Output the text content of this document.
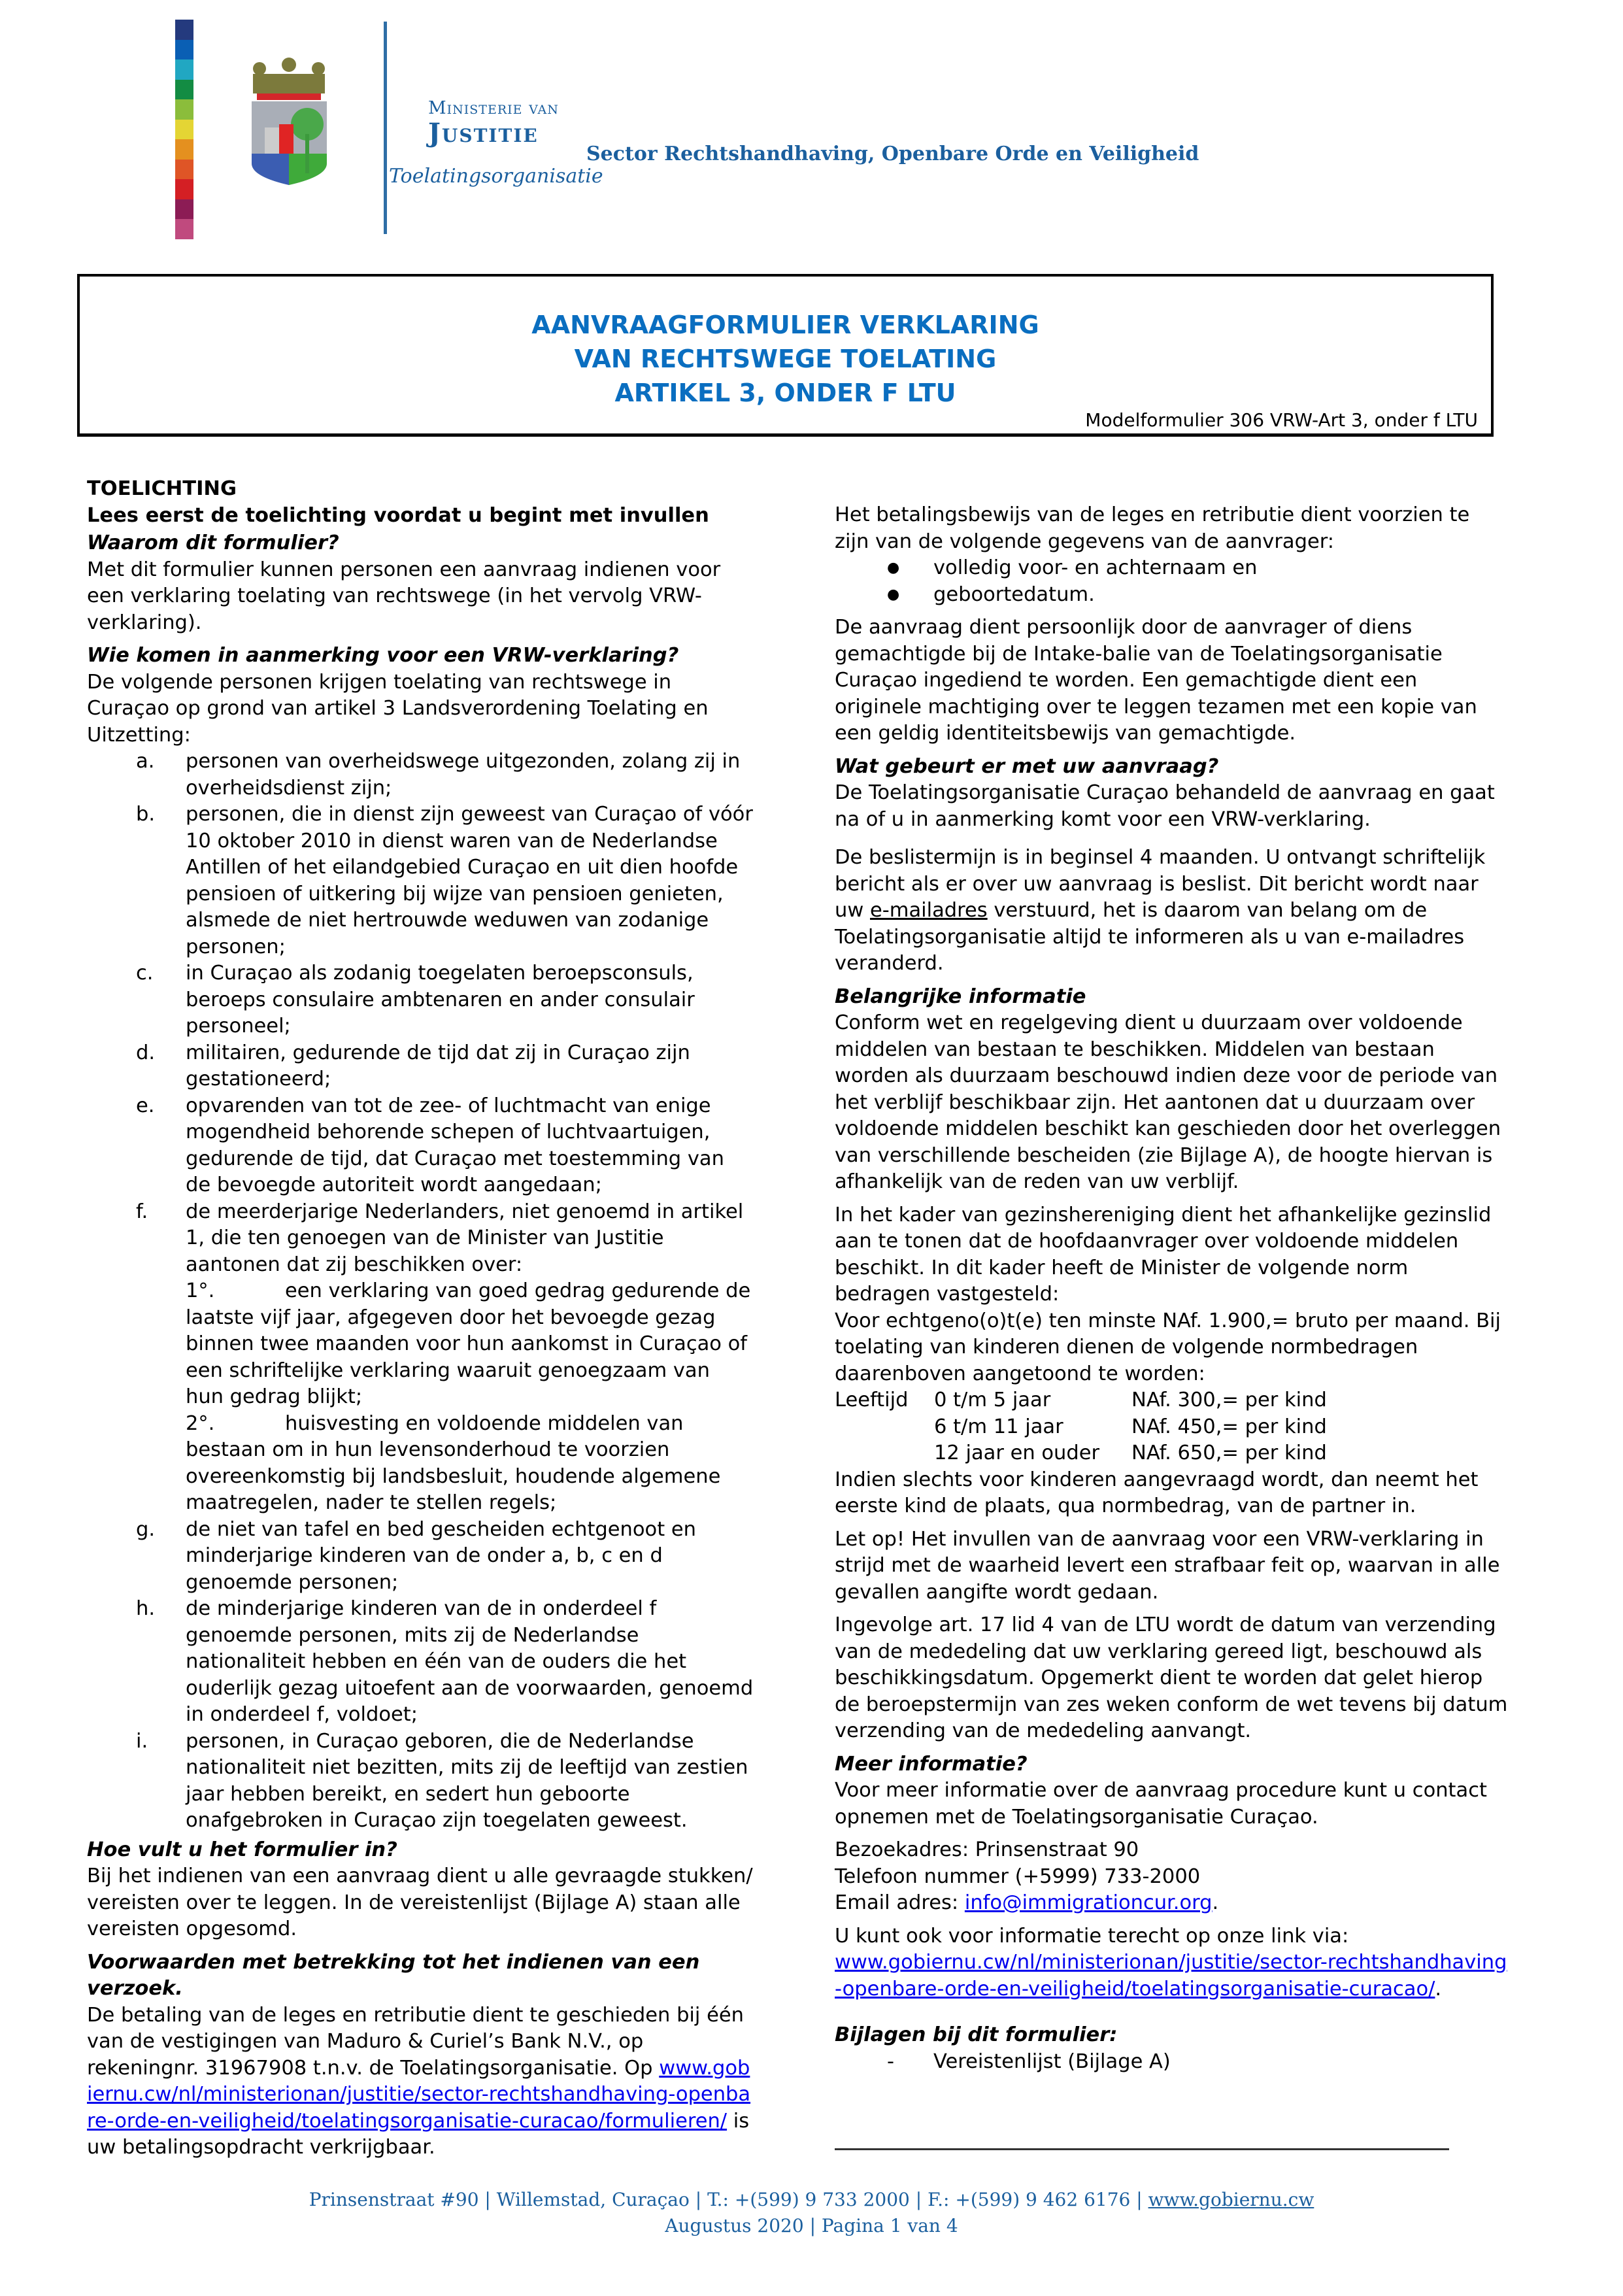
Ministerie van
Justitie
Toelatingsorganisatie
Sector Rechtshandhaving, Openbare Orde en Veiligheid
AANVRAAGFORMULIER VERKLARING
VAN RECHTSWEGE TOELATING
ARTIKEL 3, ONDER F LTU
Modelformulier 306 VRW-Art 3, onder f LTU
TOELICHTING
Lees eerst de toelichting voordat u begint met invullen
Waarom dit formulier?

Met dit formulier kunnen personen een aanvraag indienen voor een verklaring toelating van rechtswege (in het vervolg VRW-verklaring).

Wie komen in aanmerking voor een VRW-verklaring?
De volgende personen krijgen toelating van rechtswege in Curaçao op grond van artikel 3 Landsverordening Toelating en Uitzetting:
a. personen van overheidswege uitgezonden, zolang zij in overheidsdienst zijn;
b. personen, die in dienst zijn geweest van Curaçao of vóór 10 oktober 2010 in dienst waren van de Nederlandse Antillen of het eilandgebied Curaçao en uit dien hoofde pensioen of uitkering bij wijze van pensioen genieten, alsmede de niet hertrouwde weduwen van zodanige personen;
c. in Curaçao als zodanig toegelaten beroepsconsuls, beroeps consulaire ambtenaren en ander consulair personeel;
d. militairen, gedurende de tijd dat zij in Curaçao zijn gestationeerd;
e. opvarenden van tot de zee- of luchtmacht van enige mogendheid behorende schepen of luchtvaartuigen, gedurende de tijd, dat Curaçao met toestemming van de bevoegde autoriteit wordt aangedaan;
f. de meerderjarige Nederlanders, niet genoemd in artikel 1, die ten genoegen van de Minister van Justitie aantonen dat zij beschikken over:
1°.	een verklaring van goed gedrag gedurende de laatste vijf jaar, afgegeven door het bevoegde gezag binnen twee maanden voor hun aankomst in Curaçao of een schriftelijke verklaring waaruit genoegzaam van hun gedrag blijkt;
2°.	huisvesting en voldoende middelen van bestaan om in hun levensonderhoud te voorzien overeenkomstig bij landsbesluit, houdende algemene maatregelen, nader te stellen regels;
g. de niet van tafel en bed gescheiden echtgenoot en minderjarige kinderen van de onder a, b, c en d genoemde personen;
h. de minderjarige kinderen van de in onderdeel f genoemde personen, mits zij de Nederlandse nationaliteit hebben en één van de ouders die het ouderlijk gezag uitoefent aan de voorwaarden, genoemd in onderdeel f, voldoet;
i. personen, in Curaçao geboren, die de Nederlandse nationaliteit niet bezitten, mits zij de leeftijd van zestien jaar hebben bereikt, en sedert hun geboorte onafgebroken in Curaçao zijn toegelaten geweest.
Hoe vult u het formulier in?

Bij het indienen van een aanvraag dient u alle gevraagde stukken/ vereisten over te leggen. In de vereistenlijst (Bijlage A) staan alle vereisten opgesomd.

Voorwaarden met betrekking tot het indienen van een verzoek.

De betaling van de leges en retributie dient te geschieden bij één van de vestigingen van Maduro & Curiel’s Bank N.V., op rekeningnr. 31967908 t.n.v. de Toelatingsorganisatie. Op www.gobiernu.cw/nl/ministerionan/justitie/sector-rechtshandhaving-openbare-orde-en-veiligheid/toelatingsorganisatie-curacao/formulieren/ is uw betalingsopdracht verkrijgbaar.

Het betalingsbewijs van de leges en retributie dient voorzien te zijn van de volgende gegevens van de aanvrager:
● volledig voor- en achternaam en
● geboortedatum.

De aanvraag dient persoonlijk door de aanvrager of diens gemachtigde bij de Intake-balie van de Toelatingsorganisatie Curaçao ingediend te worden. Een gemachtigde dient een originele machtiging over te leggen tezamen met een kopie van een geldig identiteitsbewijs van gemachtigde.

Wat gebeurt er met uw aanvraag?

De Toelatingsorganisatie Curaçao behandeld de aanvraag en gaat na of u in aanmerking komt voor een VRW-verklaring.

De beslistermijn is in beginsel 4 maanden. U ontvangt schriftelijk bericht als er over uw aanvraag is beslist. Dit bericht wordt naar uw e-mailadres verstuurd, het is daarom van belang om de Toelatingsorganisatie altijd te informeren als u van e-mailadres veranderd.

Belangrijke informatie

Conform wet en regelgeving dient u duurzaam over voldoende middelen van bestaan te beschikken. Middelen van bestaan worden als duurzaam beschouwd indien deze voor de periode van het verblijf beschikbaar zijn. Het aantonen dat u duurzaam over voldoende middelen beschikt kan geschieden door het overleggen van verschillende bescheiden (zie Bijlage A), de hoogte hiervan is afhankelijk van de reden van uw verblijf.

In het kader van gezinshereniging dient het afhankelijke gezinslid aan te tonen dat de hoofdaanvrager over voldoende middelen beschikt. In dit kader heeft de Minister de volgende norm bedragen vastgesteld:
Voor echtgeno(o)t(e) ten minste NAf. 1.900,= bruto per maand. Bij toelating van kinderen dienen de volgende normbedragen daarenboven aangetoond te worden:
Leeftijd	0 t/m 5 jaar	NAf. 300,= per kind
	6 t/m 11 jaar	NAf. 450,= per kind
	12 jaar en ouder	NAf. 650,= per kind

Indien slechts voor kinderen aangevraagd wordt, dan neemt het eerste kind de plaats, qua normbedrag, van de partner in.

Let op! Het invullen van de aanvraag voor een VRW-verklaring in strijd met de waarheid levert een strafbaar feit op, waarvan in alle gevallen aangifte wordt gedaan.

Ingevolge art. 17 lid 4 van de LTU wordt de datum van verzending van de mededeling dat uw verklaring gereed ligt, beschouwd als beschikkingsdatum. Opgemerkt dient te worden dat gelet hierop de beroepstermijn van zes weken conform de wet tevens bij datum verzending van de mededeling aanvangt.

Meer informatie?

Voor meer informatie over de aanvraag procedure kunt u contact opnemen met de Toelatingsorganisatie Curaçao.

Bezoekadres: Prinsenstraat 90
Telefoon nummer (+5999) 733-2000

Email adres: info@immigrationcur.org.

U kunt ook voor informatie terecht op onze link via:

www.gobiernu.cw/nl/ministerionan/justitie/sector-rechtshandhaving-openbare-orde-en-veiligheid/toelatingsorganisatie-curacao/.

Bijlagen bij dit formulier:
- Vereistenlijst (Bijlage A)
Prinsenstraat #90 | Willemstad, Curaçao | T.: +(599) 9 733 2000 | F.: +(599) 9 462 6176 | www.gobiernu.cw
Augustus 2020 | Pagina 1 van 4
